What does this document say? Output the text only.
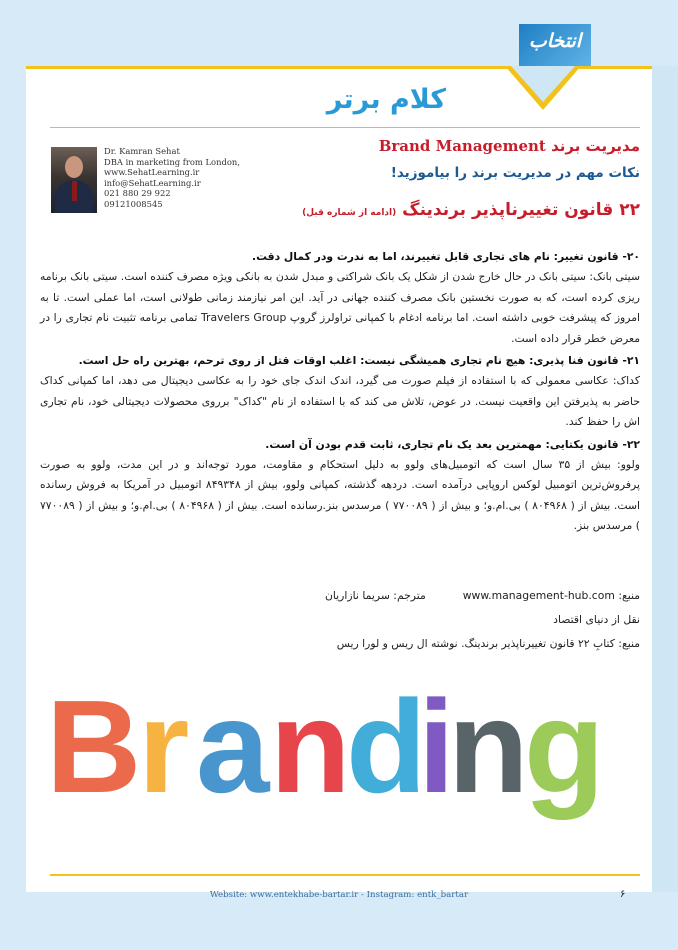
انتخاب
کلام برتر
Dr. Kamran Sehat
DBA in marketing from London,
www.SehatLearning.ir
info@SehatLearning.ir
021 880 29 922
09121008545
مدیریت برند Brand Management
نکات مهم در مدیریت برند را بیاموزید!
۲۲ قانون تغییرناپذیر برندینگ (ادامه از شماره قبل)

۲۰- قانون تغییر: نام های تجاری قابل تغییرند، اما به ندرت ودر کمال دقت.

سیتی بانک: سیتی بانک در حال خارج شدن از شکل یک بانک شراکتی و مبدل شدن به بانکی ویژه مصرف کننده است. سیتی بانک برنامه ریزی کرده است، که به صورت نخستین بانک مصرف کننده جهانی در آید. این امر نیازمند زمانی طولانی است، اما عملی است. تا به امروز که پیشرفت خوبی داشته است. اما برنامه ادغام با کمپانی تراولرز گروپ Travelers Group تمامی برنامه تثبیت نام تجاری را در معرض خطر قرار داده است.

۲۱- قانون فنا پذیری: هیچ نام تجاری همیشگی نیست: اغلب اوقات قتل از روی ترحم، بهترین راه حل است.

کداک: عکاسی معمولی که با استفاده از فیلم صورت می گیرد، اندک اندک جای خود را به عکاسی دیجیتال می دهد، اما کمپانی کداک حاضر به پذیرفتن این واقعیت نیست. در عوض، تلاش می کند که با استفاده از نام "کداک" برروی محصولات دیجیتالی خود، نام تجاری اش را حفظ کند.

۲۲- قانون یکتایی: مهمترین بعد یک نام تجاری، ثابت قدم بودن آن است.

ولوو: بیش از ۳۵ سال است که اتومبیل‌های ولوو به دلیل استحکام و مقاومت، مورد توجه‌اند و در این مدت، ولوو به صورت پرفروش‌ترین اتومبیل لوکس اروپایی درآمده است. دردهه گذشته، کمپانی ولوو، بیش از ۸۴۹۳۴۸ اتومبیل در آمریکا به فروش رسانده است. بیش از ( ۸۰۴۹۶۸ ) بی.ام.و؛ و بیش از ( ۷۷۰۰۸۹ ) مرسدس بنز.رسانده است. بیش از ( ۸۰۴۹۶۸ ) بی.ام.و؛ و بیش از ( ۷۷۰۰۸۹ ) مرسدس بنز.

منبع: www.management-hub.com  مترجم: سریما نازاریان
نقل از دنیای اقتصاد
منبع: کتابِ ۲۲ قانون تغییرناپذیر برندینگ. نوشته ال ریس و لورا ریس
B
r a n
d
i
n
g
Website: www.entekhabe-bartar.ir - Instagram: entk_bartar	۶
